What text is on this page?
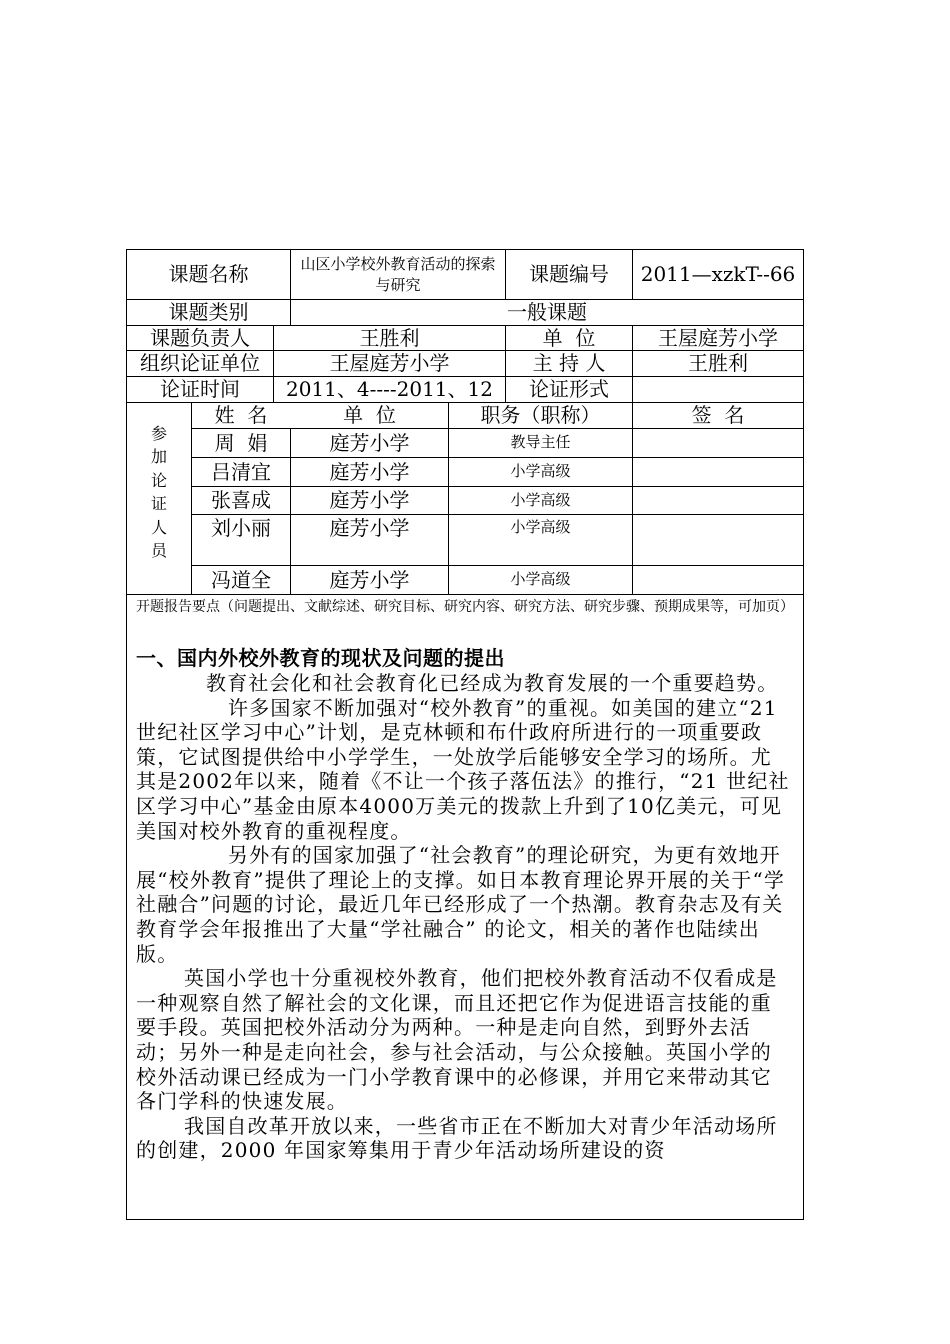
课题名称	山区小学校外教育活动的探索与研究	课题编号	2011—xzkT--66
课题类别	一般课题
课题负责人	王胜利	单  位	王屋庭芳小学
组织论证单位	王屋庭芳小学	主 持 人	王胜利
论证时间	2011、4----2011、12	论证形式
参
加
论
证
人
员
姓  名	单  位	职务（职称）	签  名
周  娟	庭芳小学	教导主任
吕清宜	庭芳小学	小学高级
张喜成	庭芳小学	小学高级
刘小丽	庭芳小学	小学高级
冯道全	庭芳小学	小学高级
开题报告要点（问题提出、文献综述、研究目标、研究内容、研究方法、研究步骤、预期成果等，可加页）
一、国内外校外教育的现状及问题的提出

教育社会化和社会教育化已经成为教育发展的一个重要趋势。

许多国家不断加强对“校外教育”的重视。如美国的建立“21世纪社区学习中心”计划，是克林顿和布什政府所进行的一项重要政策，它试图提供给中小学学生，一处放学后能够安全学习的场所。尤其是2002年以来，随着《不让一个孩子落伍法》的推行，“21 世纪社区学习中心”基金由原本4000万美元的拨款上升到了10亿美元，可见美国对校外教育的重视程度。

另外有的国家加强了“社会教育”的理论研究，为更有效地开展“校外教育”提供了理论上的支撑。如日本教育理论界开展的关于“学社融合”问题的讨论，最近几年已经形成了一个热潮。教育杂志及有关教育学会年报推出了大量“学社融合” 的论文，相关的著作也陆续出版。

英国小学也十分重视校外教育，他们把校外教育活动不仅看成是一种观察自然了解社会的文化课，而且还把它作为促进语言技能的重要手段。英国把校外活动分为两种。一种是走向自然，到野外去活动；另外一种是走向社会，参与社会活动，与公众接触。英国小学的校外活动课已经成为一门小学教育课中的必修课，并用它来带动其它各门学科的快速发展。

我国自改革开放以来，一些省市正在不断加大对青少年活动场所的创建，2000 年国家筹集用于青少年活动场所建设的资
